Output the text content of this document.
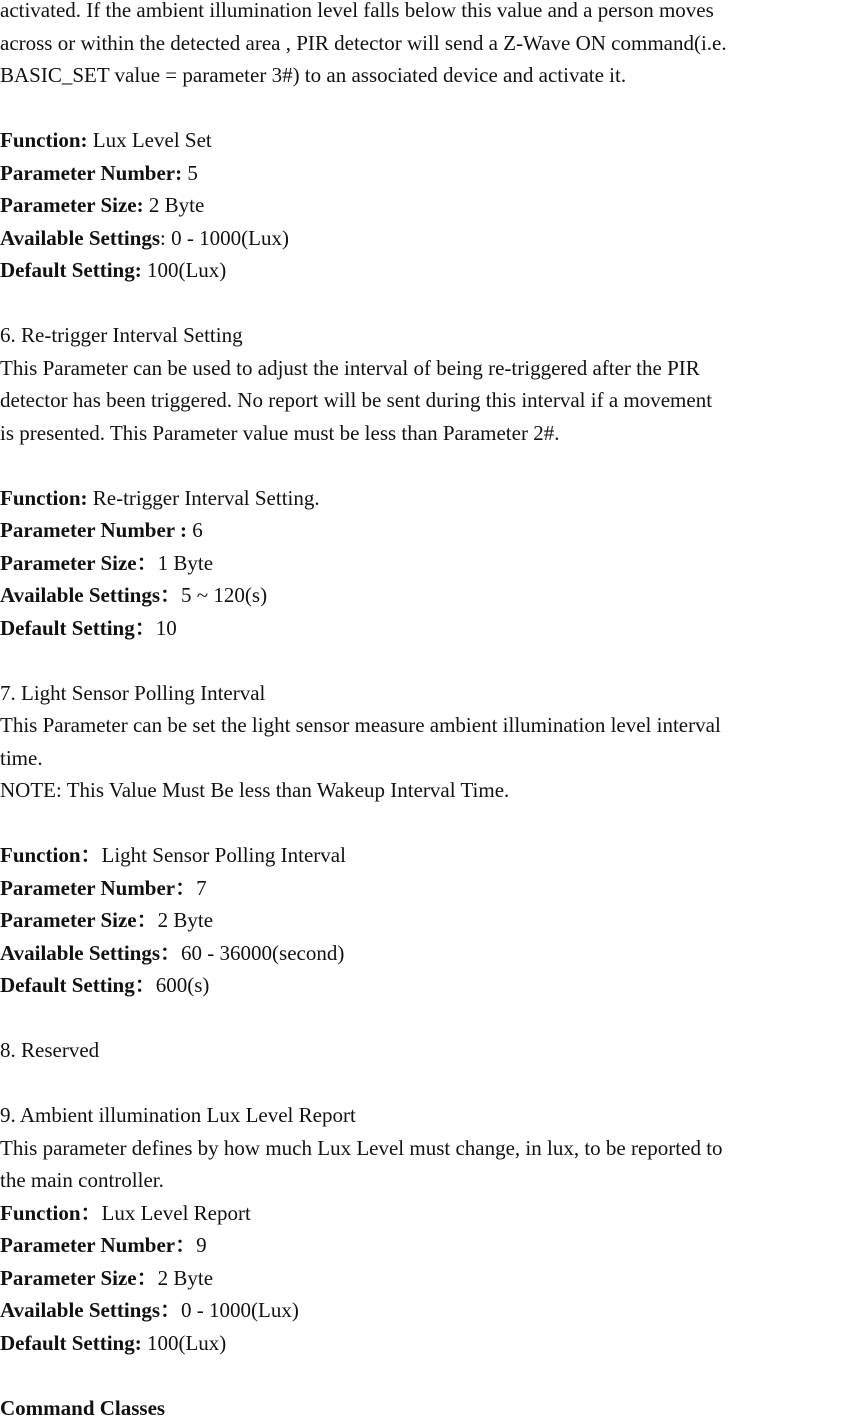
activated. If the ambient illumination level falls below this value and a person moves
across or within the detected area , PIR detector will send a Z-Wave ON command(i.e.
BASIC_SET value = parameter 3#) to an associated device and activate it.
Function: Lux Level Set
Parameter Number: 5
Parameter Size: 2 Byte
Available Settings: 0 - 1000(Lux)
Default Setting: 100(Lux)
6. Re-trigger Interval Setting
This Parameter can be used to adjust the interval of being re-triggered after the PIR
detector has been triggered. No report will be sent during this interval if a movement
is presented. This Parameter value must be less than Parameter 2#.
Function: Re-trigger Interval Setting.
Parameter Number : 6
Parameter Size：1 Byte
Available Settings：5 ~ 120(s)
Default Setting：10
7. Light Sensor Polling Interval
This Parameter can be set the light sensor measure ambient illumination level interval
time.
NOTE: This Value Must Be less than Wakeup Interval Time.
Function：Light Sensor Polling Interval
Parameter Number：7
Parameter Size：2 Byte
Available Settings：60 - 36000(second)
Default Setting：600(s)
8. Reserved
9. Ambient illumination Lux Level Report
This parameter defines by how much Lux Level must change, in lux, to be reported to
the main controller.
Function：Lux Level Report
Parameter Number：9
Parameter Size：2 Byte
Available Settings：0 - 1000(Lux)
Default Setting: 100(Lux)
Command Classes
